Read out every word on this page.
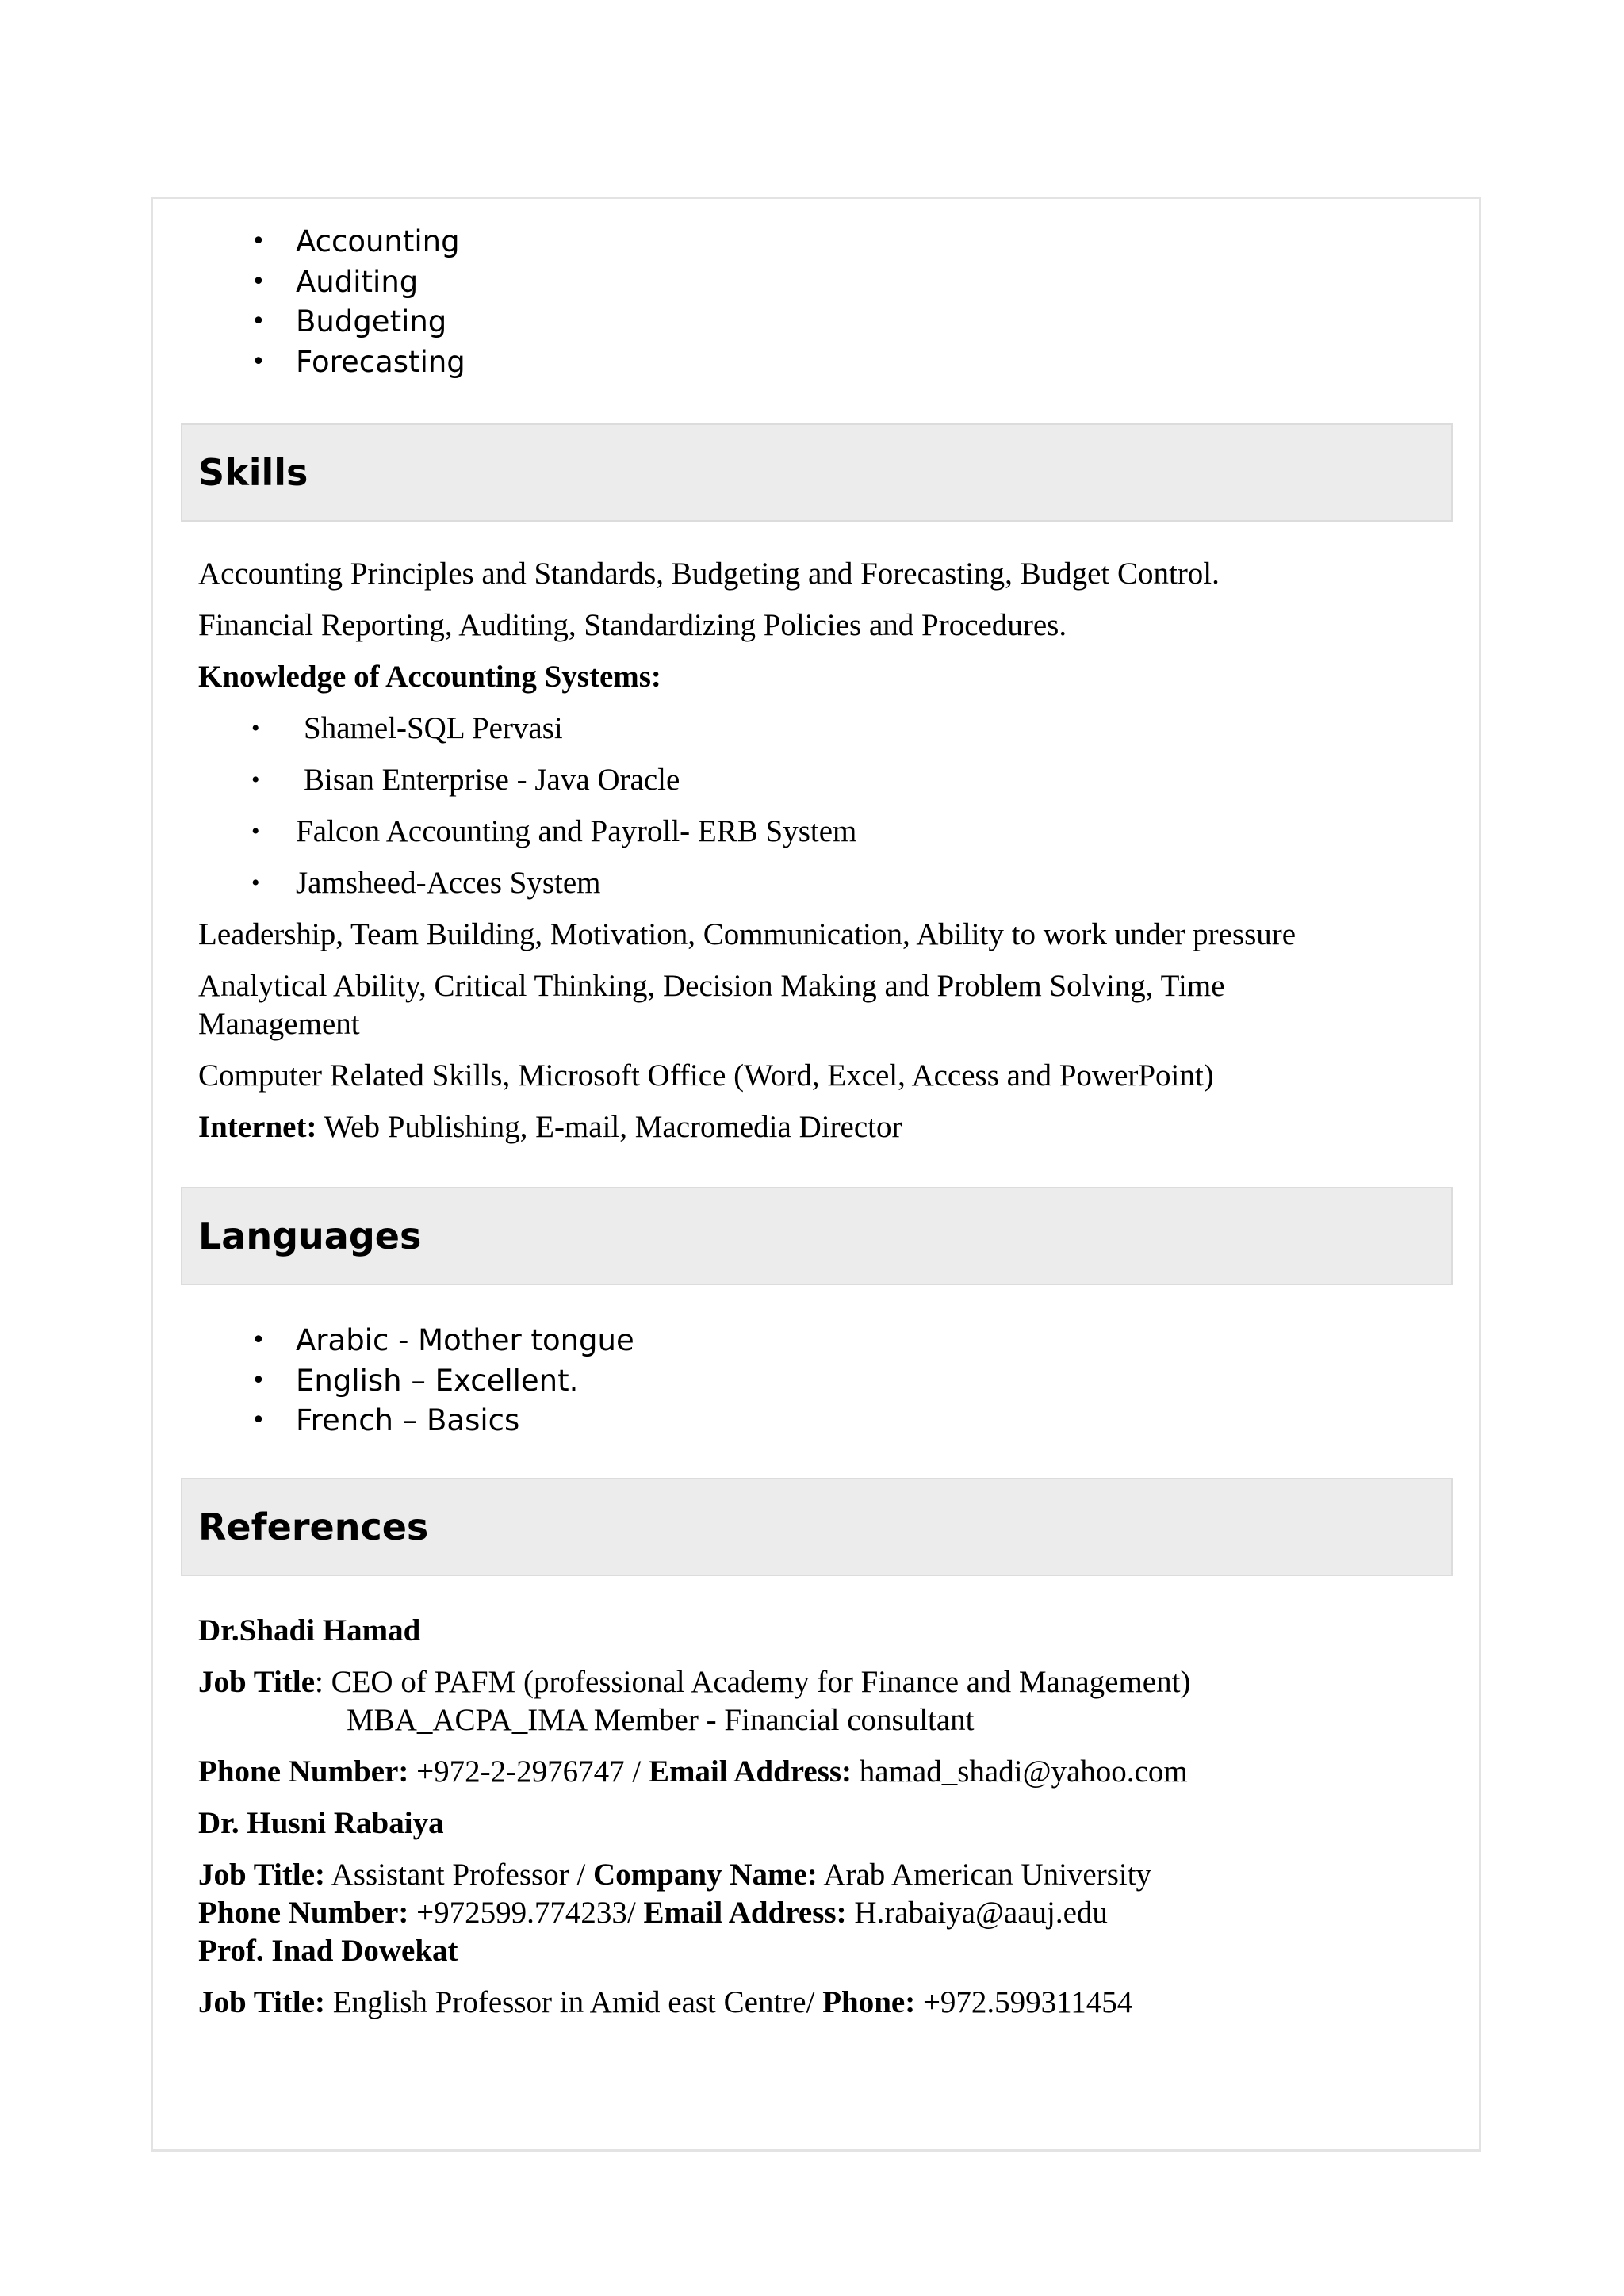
• Accounting
• Auditing
• Budgeting
• Forecasting
Skills
Accounting Principles and Standards, Budgeting and Forecasting, Budget Control.
Financial Reporting, Auditing, Standardizing Policies and Procedures.
Knowledge of Accounting Systems:
• Shamel-SQL Pervasi
• Bisan Enterprise - Java Oracle
• Falcon Accounting and Payroll- ERB System
• Jamsheed-Acces System
Leadership, Team Building, Motivation, Communication, Ability to work under pressure
Analytical Ability, Critical Thinking, Decision Making and Problem Solving, Time
Management
Computer Related Skills, Microsoft Office (Word, Excel, Access and PowerPoint)
Internet: Web Publishing, E-mail, Macromedia Director
Languages
• Arabic - Mother tongue
• English – Excellent.
• French – Basics
References
Dr.Shadi Hamad
Job Title: CEO of PAFM (professional Academy for Finance and Management)
MBA_ACPA_IMA Member - Financial consultant
Phone Number: +972-2-2976747 / Email Address: hamad_shadi@yahoo.com
Dr. Husni Rabaiya
Job Title: Assistant Professor / Company Name: Arab American University
Phone Number: +972599.774233/ Email Address: H.rabaiya@aauj.edu
Prof. Inad Dowekat
Job Title: English Professor in Amid east Centre/ Phone: +972.599311454
